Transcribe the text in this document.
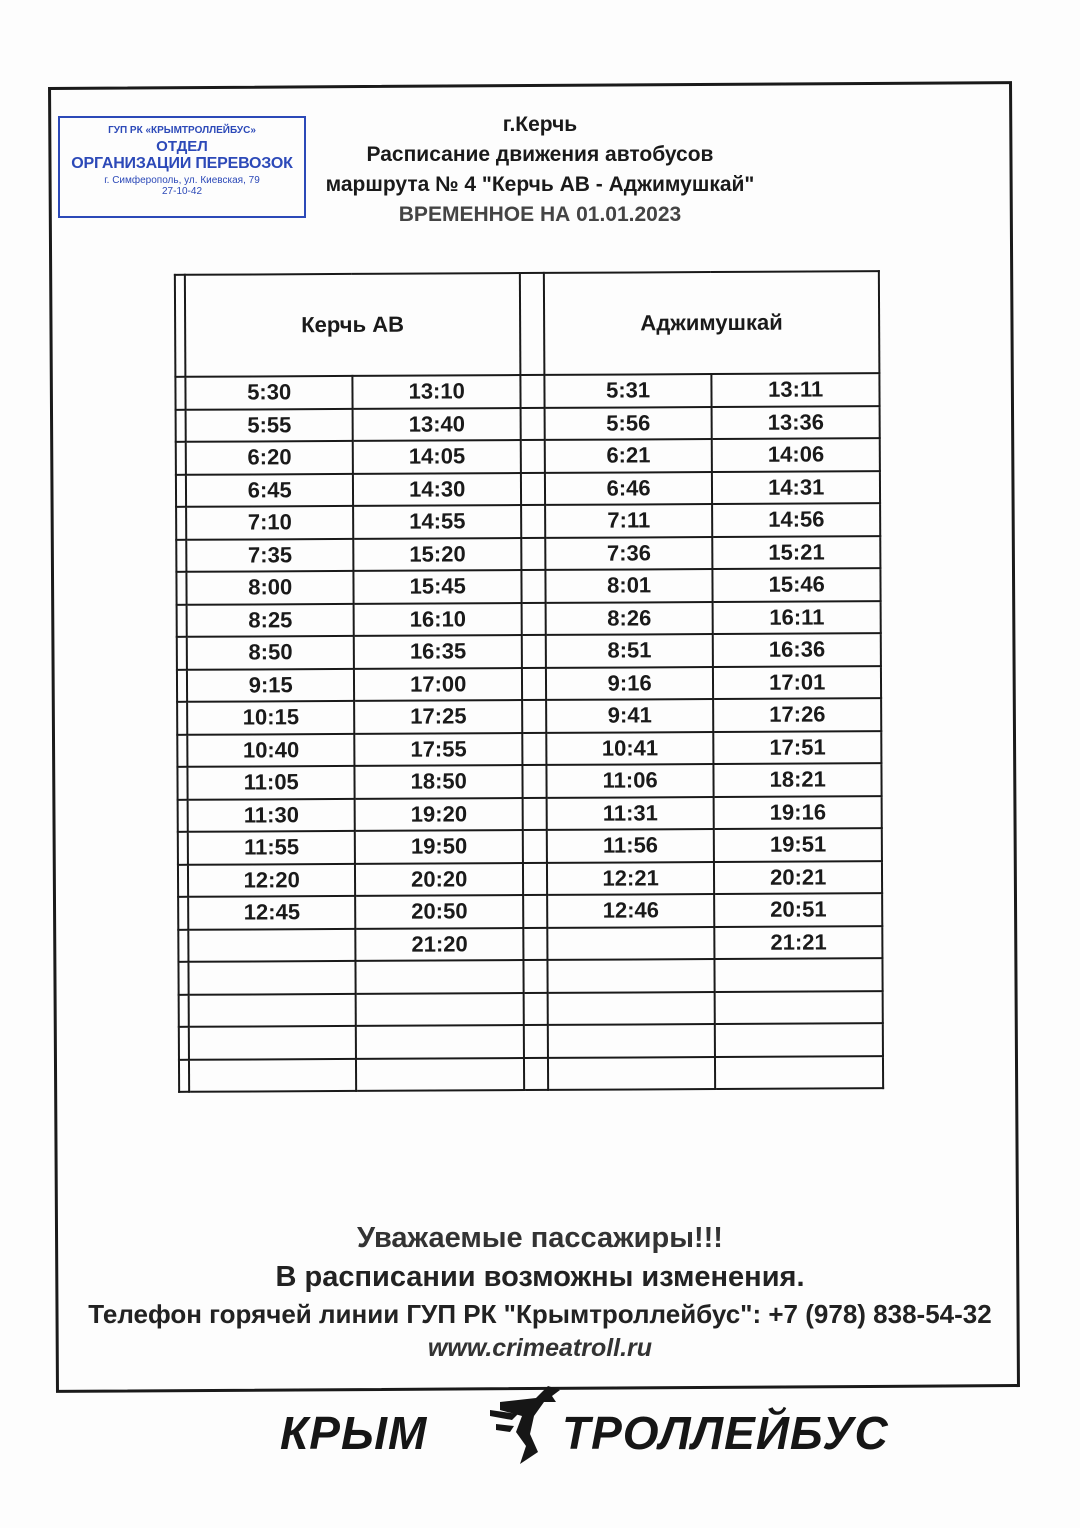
ГУП РК «КРЫМТРОЛЛЕЙБУС»
ОТДЕЛ
ОРГАНИЗАЦИИ ПЕРЕВОЗОК
г. Симферополь, ул. Киевская, 79
27-10-42

г.Керчь

Расписание движения автобусов

маршрута № 4 "Керчь АВ - Аджимушкай"

ВРЕМЕННОЕ НА 01.01.2023

	Керчь АВ			Аджимушкай	
	5:30	13:10		5:31	13:11
	5:55	13:40		5:56	13:36
	6:20	14:05		6:21	14:06
	6:45	14:30		6:46	14:31
	7:10	14:55		7:11	14:56
	7:35	15:20		7:36	15:21
	8:00	15:45		8:01	15:46
	8:25	16:10		8:26	16:11
	8:50	16:35		8:51	16:36
	9:15	17:00		9:16	17:01
	10:15	17:25		9:41	17:26
	10:40	17:55		10:41	17:51
	11:05	18:50		11:06	18:21
	11:30	19:20		11:31	19:16
	11:55	19:50		11:56	19:51
	12:20	20:20		12:21	20:21
	12:45	20:50		12:46	20:51
		21:20			21:21

Уважаемые пассажиры!!!

В расписании возможны изменения.

Телефон горячей линии ГУП РК "Крымтроллейбус": +7 (978) 838-54-32

www.crimeatroll.ru

КРЫМ	ТРОЛЛЕЙБУС
